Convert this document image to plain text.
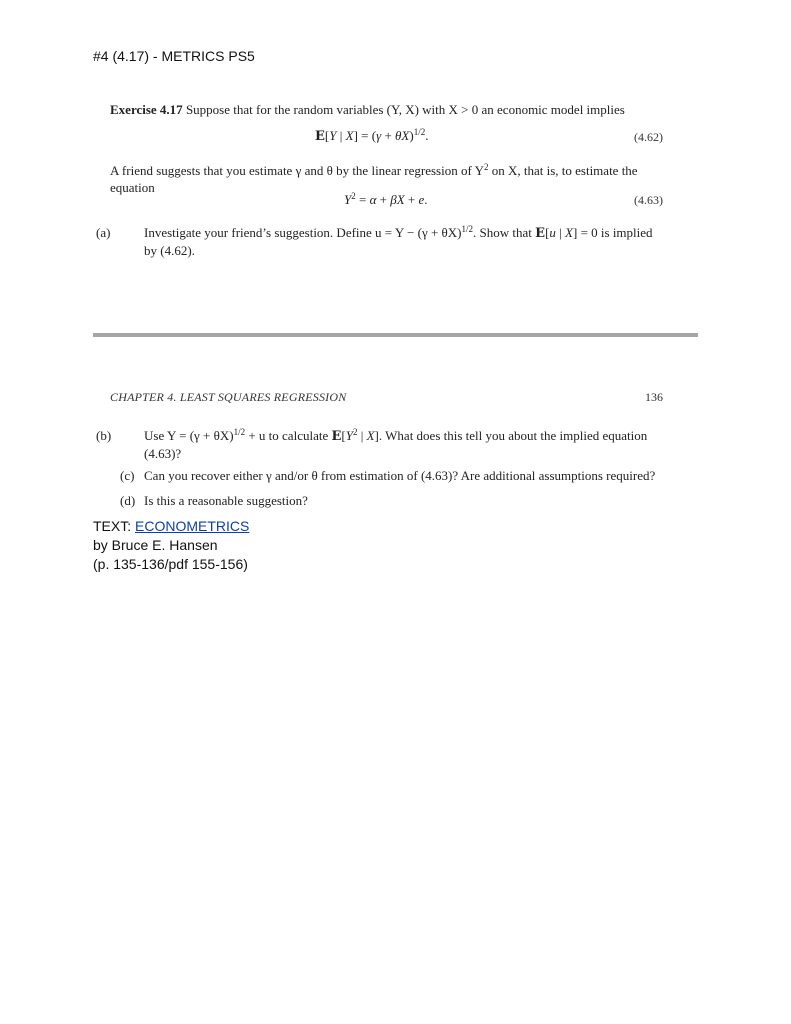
#4 (4.17) - METRICS PS5
Exercise 4.17 Suppose that for the random variables (Y, X) with X > 0 an economic model implies
E[Y | $X] = (\gamma + \theta X)^{1/2}$.	(4.62)
A friend suggests that you estimate γ and θ by the linear regression of $Y^2$ on X, that is, to estimate the
equation
$Y^2 = \alpha + \beta X + e$.	(4.63)
(a)	Investigate your friend’s suggestion. Define $u = Y - (\gamma + \theta X)^{1/2}$. Show that E[u | X] = 0 is implied
by (4.62).
CHAPTER 4. LEAST SQUARES REGRESSION	136
(b)	Use $Y = (\gamma + \theta X)^{1/2} + u$ to calculate $E[Y^2$ | X]. What does this tell you about the implied equation
(4.63)?
(c) Can you recover either γ and/or θ from estimation of (4.63)? Are additional assumptions required?
(d) Is this a reasonable suggestion?
TEXT: ECONOMETRICS
by Bruce E. Hansen
(p. 135-136/pdf 155-156)
